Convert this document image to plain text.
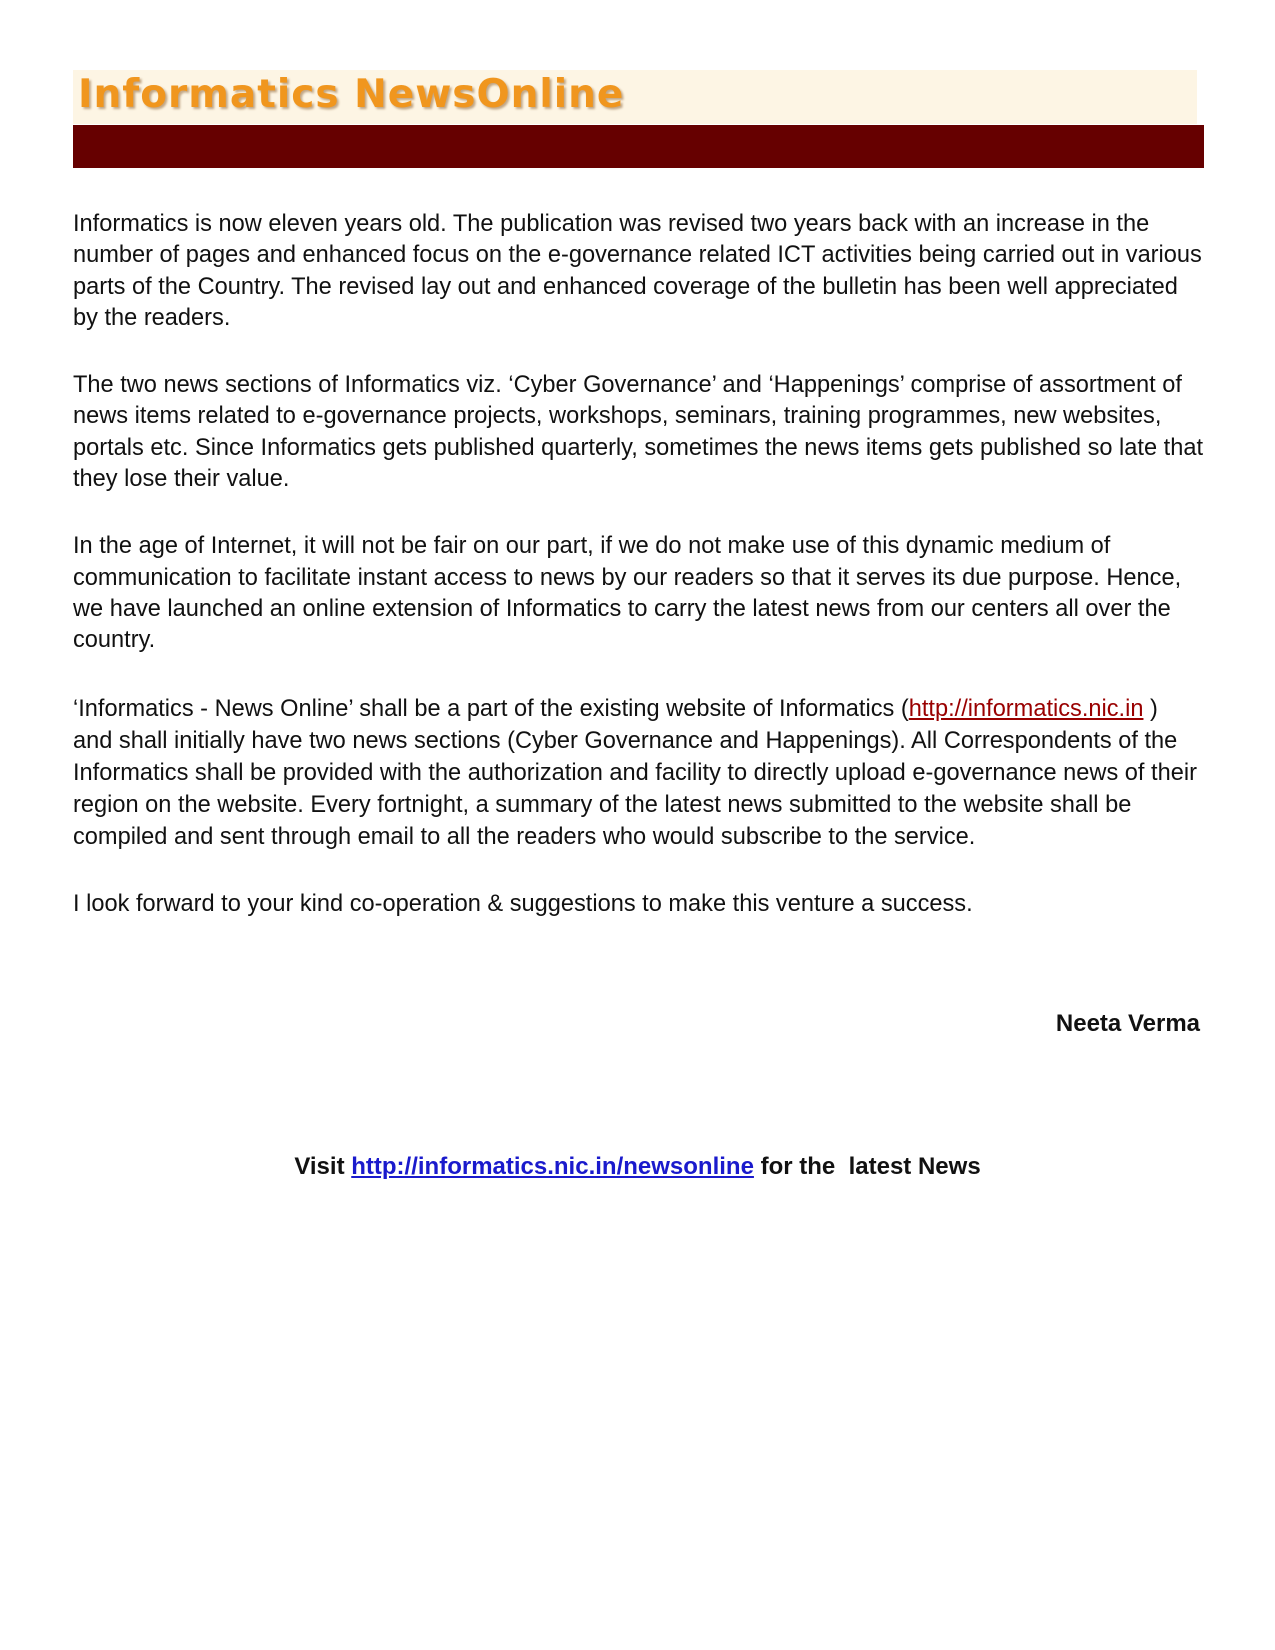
Informatics NewsOnline

Informatics is now eleven years old. The publication was revised two years back with an increase in the number of pages and enhanced focus on the e-governance related ICT activities being carried out in various parts of the Country. The revised lay out and enhanced coverage of the bulletin has been well appreciated by the readers.

The two news sections of Informatics viz. ‘Cyber Governance’ and ‘Happenings’ comprise of assortment of news items related to e-governance projects, workshops, seminars, training programmes, new websites, portals etc. Since Informatics gets published quarterly, sometimes the news items gets published so late that they lose their value.

In the age of Internet, it will not be fair on our part, if we do not make use of this dynamic medium of communication to facilitate instant access to news by our readers so that it serves its due purpose. Hence, we have launched an online extension of Informatics to carry the latest news from our centers all over the country.

‘Informatics - News Online’ shall be a part of the existing website of Informatics (http://informatics.nic.in ) and shall initially have two news sections (Cyber Governance and Happenings). All Correspondents of the Informatics shall be provided with the authorization and facility to directly upload e-governance news of their region on the website. Every fortnight, a summary of the latest news submitted to the website shall be compiled and sent through email to all the readers who would subscribe to the service.

I look forward to your kind co-operation & suggestions to make this venture a success.

Neeta Verma
Visit http://informatics.nic.in/newsonline for the  latest News
